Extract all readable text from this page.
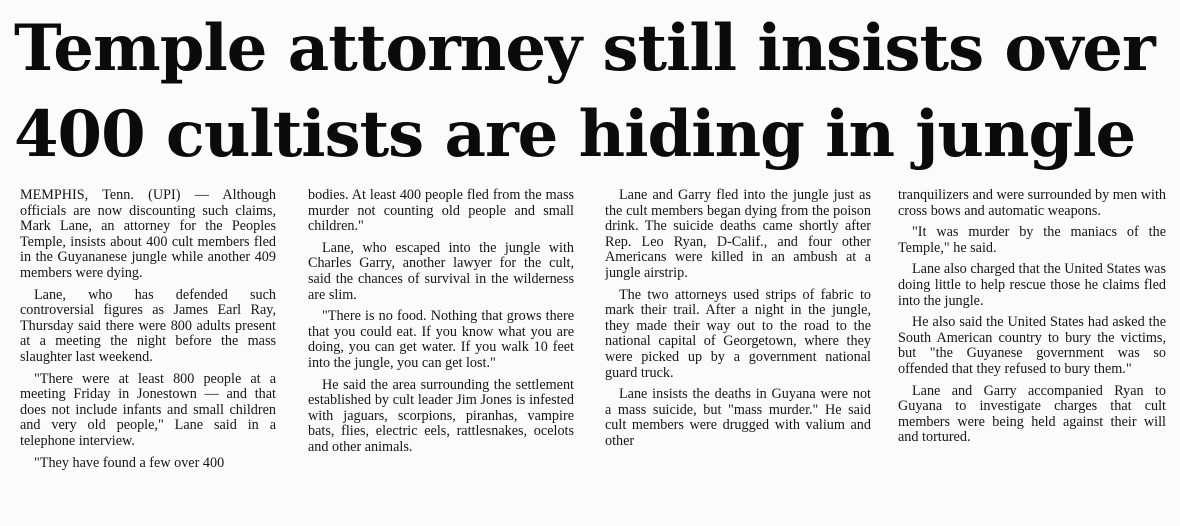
Temple attorney still insists over
400 cultists are hiding in jungle

MEMPHIS, Tenn. (UPI) — Although officials are now discounting such claims, Mark Lane, an attorney for the Peoples Temple, insists about 400 cult members fled in the Guyananese jungle while another 409 members were dying.

Lane, who has defended such controversial figures as James Earl Ray, Thursday said there were 800 adults present at a meeting the night before the mass slaughter last weekend.

"There were at least 800 people at a meeting Friday in Jonestown — and that does not include infants and small children and very old people," Lane said in a telephone interview.

"They have found a few over 400

bodies. At least 400 people fled from the mass murder not counting old people and small children."

Lane, who escaped into the jungle with Charles Garry, another lawyer for the cult, said the chances of survival in the wilderness are slim.

"There is no food. Nothing that grows there that you could eat. If you know what you are doing, you can get water. If you walk 10 feet into the jungle, you can get lost."

He said the area surrounding the settlement established by cult leader Jim Jones is infested with jaguars, scorpions, piranhas, vampire bats, flies, electric eels, rattlesnakes, ocelots and other animals.

Lane and Garry fled into the jungle just as the cult members began dying from the poison drink. The suicide deaths came shortly after Rep. Leo Ryan, D-Calif., and four other Americans were killed in an ambush at a jungle airstrip.

The two attorneys used strips of fabric to mark their trail. After a night in the jungle, they made their way out to the road to the national capital of Georgetown, where they were picked up by a government national guard truck.

Lane insists the deaths in Guyana were not a mass suicide, but "mass murder." He said cult members were drugged with valium and other

tranquilizers and were surrounded by men with cross bows and automatic weapons.

"It was murder by the maniacs of the Temple," he said.

Lane also charged that the United States was doing little to help rescue those he claims fled into the jungle.

He also said the United States had asked the South American country to bury the victims, but "the Guyanese government was so offended that they refused to bury them."

Lane and Garry accompanied Ryan to Guyana to investigate charges that cult members were being held against their will and tortured.
